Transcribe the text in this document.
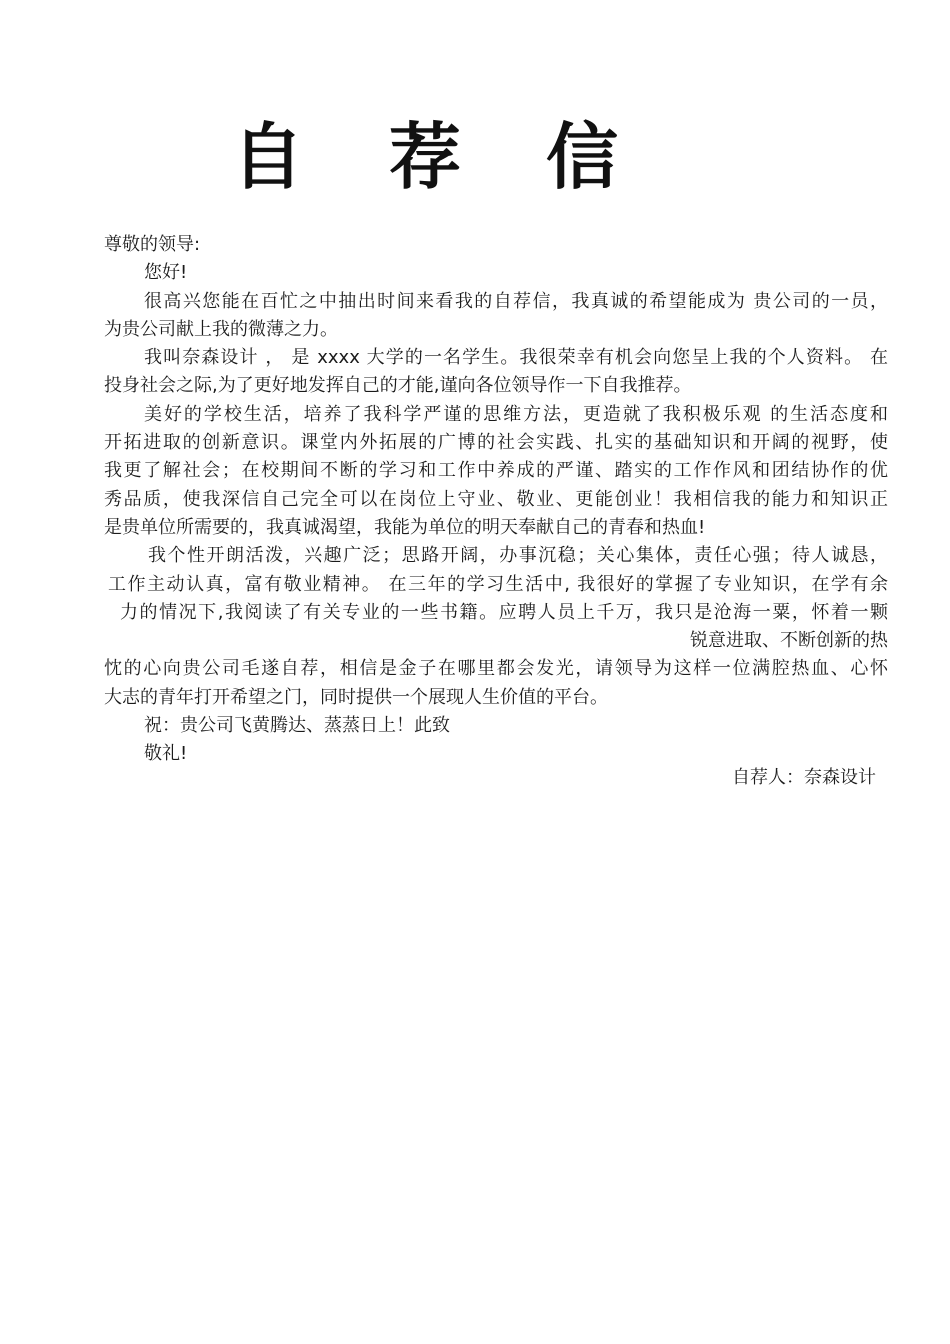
自 荐 信
尊敬的领导:
您好!
很高兴您能在百忙之中抽出时间来看我的自荐信，我真诚的希望能成为 贵公司的一员，
为贵公司献上我的微薄之力。
我叫奈森设计 ， 是 xxxx 大学的一名学生。我很荣幸有机会向您呈上我的个人资料。 在
投身社会之际,为了更好地发挥自己的才能,谨向各位领导作一下自我推荐。
美好的学校生活，培养了我科学严谨的思维方法，更造就了我积极乐观 的生活态度和
开拓进取的创新意识。课堂内外拓展的广博的社会实践、扎实的基础知识和开阔的视野，使
我更了解社会；在校期间不断的学习和工作中养成的严谨、踏实的工作作风和团结协作的优
秀品质，使我深信自己完全可以在岗位上守业、敬业、更能创业！我相信我的能力和知识正
是贵单位所需要的，我真诚渴望，我能为单位的明天奉献自己的青春和热血!
我个性开朗活泼，兴趣广泛；思路开阔，办事沉稳；关心集体，责任心强；待人诚恳，
工作主动认真，富有敬业精神。 在三年的学习生活中, 我很好的掌握了专业知识，在学有余
力的情况下,我阅读了有关专业的一些书籍。应聘人员上千万，我只是沧海一粟，怀着一颗
锐意进取、不断创新的热
忱的心向贵公司毛遂自荐，相信是金子在哪里都会发光，请领导为这样一位满腔热血、心怀
大志的青年打开希望之门，同时提供一个展现人生价值的平台。
祝：贵公司飞黄腾达、蒸蒸日上！此致
敬礼!
自荐人：奈森设计
